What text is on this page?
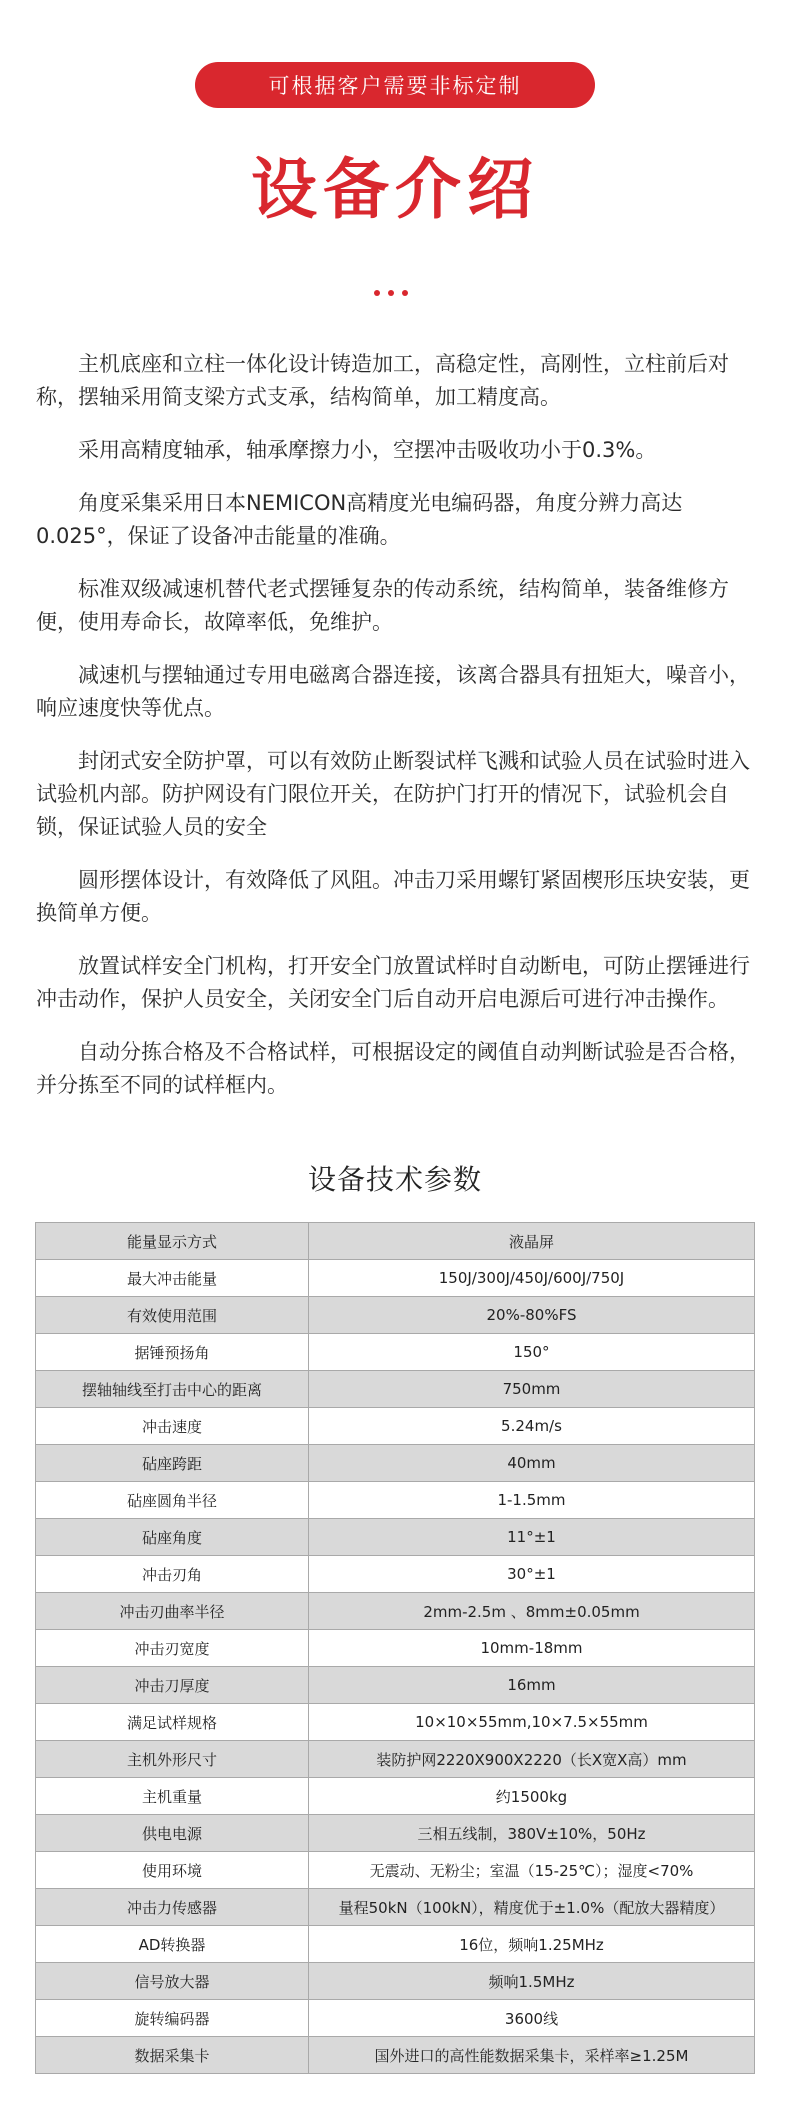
可根据客户需要非标定制
设备介绍

主机底座和立柱一体化设计铸造加工，高稳定性，高刚性，立柱前后对称，摆轴采用简支梁方式支承，结构简单，加工精度高。

采用高精度轴承，轴承摩擦力小，空摆冲击吸收功小于0.3%。

角度采集采用日本NEMICON高精度光电编码器，角度分辨力高达0.025°，保证了设备冲击能量的准确。

标准双级减速机替代老式摆锤复杂的传动系统，结构简单，装备维修方便，使用寿命长，故障率低，免维护。

减速机与摆轴通过专用电磁离合器连接，该离合器具有扭矩大，噪音小，响应速度快等优点。

封闭式安全防护罩，可以有效防止断裂试样飞溅和试验人员在试验时进入试验机内部。防护网设有门限位开关，在防护门打开的情况下，试验机会自锁，保证试验人员的安全

圆形摆体设计，有效降低了风阻。冲击刀采用螺钉紧固楔形压块安装，更换简单方便。

放置试样安全门机构，打开安全门放置试样时自动断电，可防止摆锤进行冲击动作，保护人员安全，关闭安全门后自动开启电源后可进行冲击操作。

自动分拣合格及不合格试样，可根据设定的阈值自动判断试验是否合格，并分拣至不同的试样框内。

设备技术参数
能量显示方式	液晶屏
最大冲击能量	150J/300J/450J/600J/750J
有效使用范围	20%-80%FS
据锤预扬角	150°
摆轴轴线至打击中心的距离	750mm
冲击速度	5.24m/s
砧座跨距	40mm
砧座圆角半径	1-1.5mm
砧座角度	11°±1
冲击刃角	30°±1
冲击刃曲率半径	2mm-2.5m 、8mm±0.05mm
冲击刃宽度	10mm-18mm
冲击刀厚度	16mm
满足试样规格	10×10×55mm,10×7.5×55mm
主机外形尺寸	装防护网2220X900X2220（长X宽X高）mm
主机重量	约1500kg
供电电源	三相五线制，380V±10%，50Hz
使用环境	无震动、无粉尘；室温（15-25℃）；湿度<70%
冲击力传感器	量程50kN（100kN），精度优于±1.0%（配放大器精度）
AD转换器	16位，频响1.25MHz
信号放大器	频响1.5MHz
旋转编码器	3600线
数据采集卡	国外进口的高性能数据采集卡，采样率≥1.25M
